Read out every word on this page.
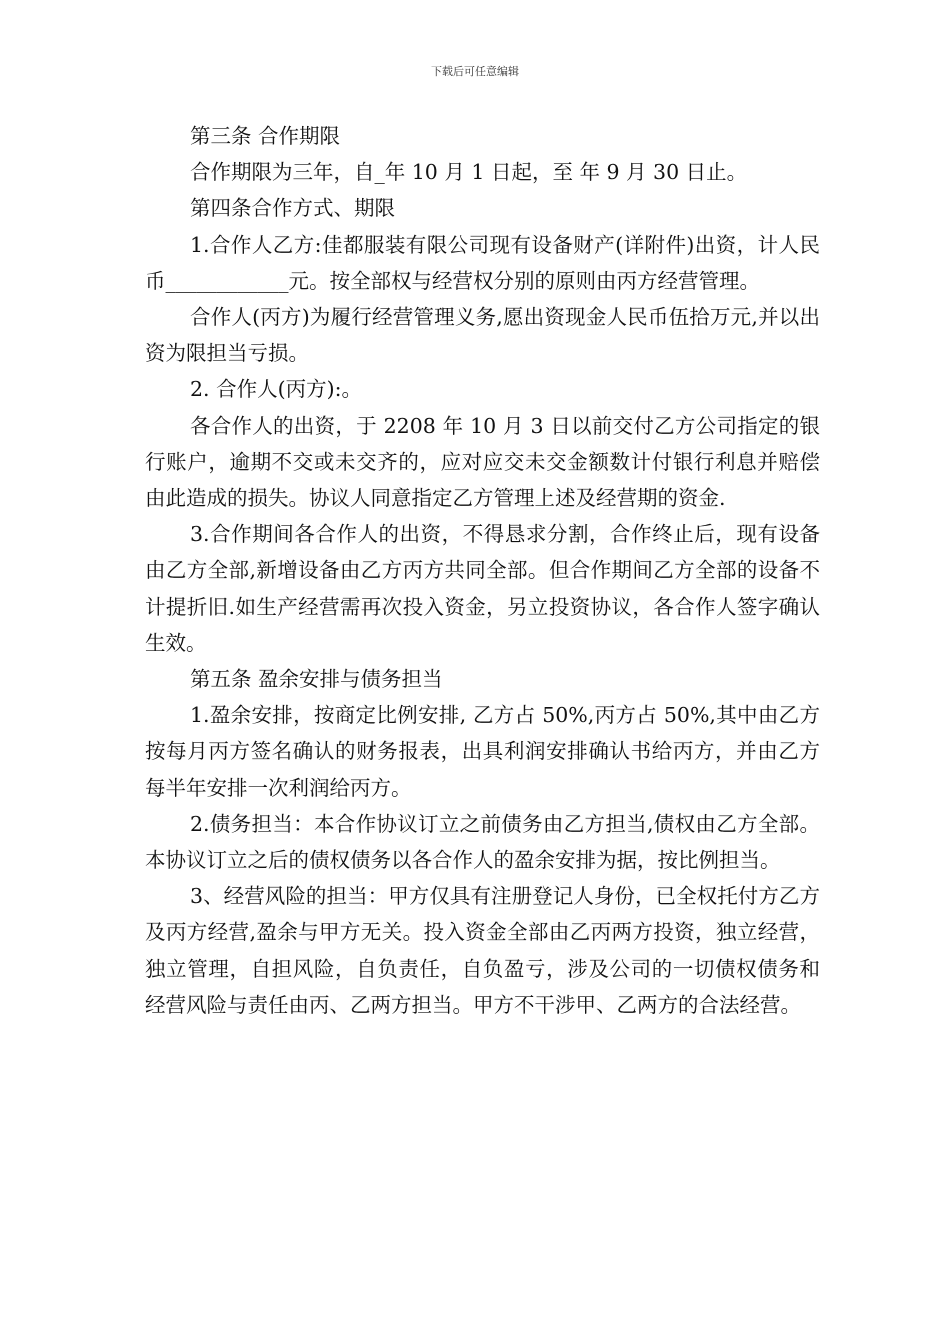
下载后可任意编辑

第三条 合作期限

合作期限为三年，自_年 10 月 1 日起，至 年 9 月 30 日止。

第四条合作方式、期限

1.合作人乙方:佳都服装有限公司现有设备财产(详附件)出资，计人民币____________元。按全部权与经营权分别的原则由丙方经营管理。

合作人(丙方)为履行经营管理义务,愿出资现金人民币伍拾万元,并以出资为限担当亏损。

2. 合作人(丙方):。

各合作人的出资，于 2208 年 10 月 3 日以前交付乙方公司指定的银行账户，逾期不交或未交齐的，应对应交未交金额数计付银行利息并赔偿由此造成的损失。协议人同意指定乙方管理上述及经营期的资金.

3.合作期间各合作人的出资，不得恳求分割，合作终止后，现有设备由乙方全部,新增设备由乙方丙方共同全部。但合作期间乙方全部的设备不计提折旧.如生产经营需再次投入资金，另立投资协议，各合作人签字确认生效。

第五条 盈余安排与债务担当

1.盈余安排，按商定比例安排, 乙方占 50%,丙方占 50%,其中由乙方按每月丙方签名确认的财务报表，出具利润安排确认书给丙方，并由乙方每半年安排一次利润给丙方。

2.债务担当：本合作协议订立之前债务由乙方担当,债权由乙方全部。本协议订立之后的债权债务以各合作人的盈余安排为据，按比例担当。

3、经营风险的担当：甲方仅具有注册登记人身份，已全权托付方乙方及丙方经营,盈余与甲方无关。投入资金全部由乙丙两方投资，独立经营，独立管理，自担风险，自负责任，自负盈亏，涉及公司的一切债权债务和经营风险与责任由丙、乙两方担当。甲方不干涉甲、乙两方的合法经营。
